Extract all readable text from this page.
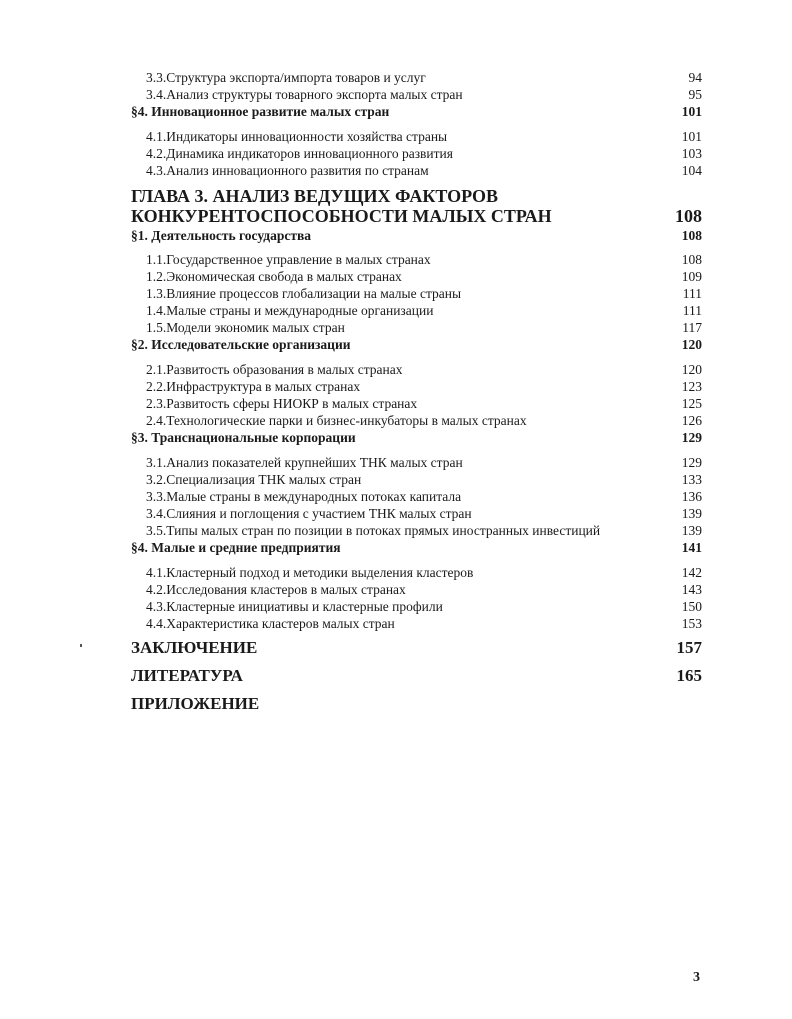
3.3.Структура экспорта/импорта товаров и услуг	94
3.4.Анализ структуры товарного экспорта малых стран	95
§4. Инновационное развитие малых стран	101
4.1.Индикаторы инновационности хозяйства страны	101
4.2.Динамика индикаторов инновационного развития	103
4.3.Анализ инновационного развития по странам	104
ГЛАВА 3. АНАЛИЗ ВЕДУЩИХ ФАКТОРОВ
КОНКУРЕНТОСПОСОБНОСТИ МАЛЫХ СТРАН	108
§1. Деятельность государства	108
1.1.Государственное управление в малых странах	108
1.2.Экономическая свобода в малых странах	109
1.3.Влияние процессов глобализации на малые страны	111
1.4.Малые страны и международные организации	111
1.5.Модели экономик малых стран	117
§2. Исследовательские организации	120
2.1.Развитость образования в малых странах	120
2.2.Инфраструктура в малых странах	123
2.3.Развитость сферы НИОКР в малых странах	125
2.4.Технологические парки и бизнес-инкубаторы в малых странах	126
§3. Транснациональные корпорации	129
3.1.Анализ показателей крупнейших ТНК малых стран	129
3.2.Специализация ТНК малых стран	133
3.3.Малые страны в международных потоках капитала	136
3.4.Слияния и поглощения с участием ТНК малых стран	139
3.5.Типы малых стран по позиции в потоках прямых иностранных инвестиций	139
§4. Малые и средние предприятия	141
4.1.Кластерный подход и методики выделения кластеров	142
4.2.Исследования кластеров в малых странах	143
4.3.Кластерные инициативы и кластерные профили	150
4.4.Характеристика кластеров малых стран	153
ЗАКЛЮЧЕНИЕ	157
ЛИТЕРАТУРА	165
ПРИЛОЖЕНИЕ
3
